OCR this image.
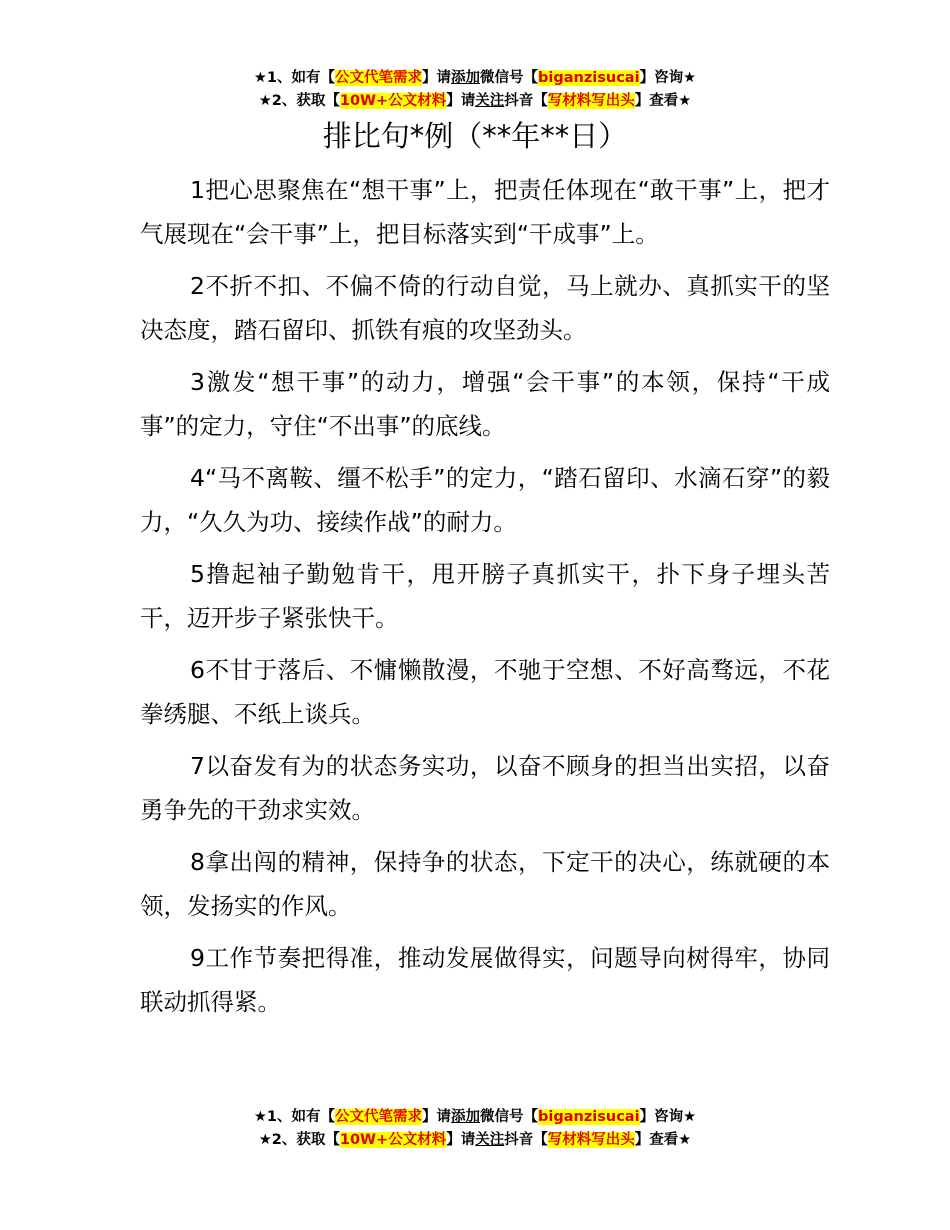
★1、如有【公文代笔需求】请添加微信号【biganzisucai】咨询★
★2、获取【10W+公文材料】请关注抖音【写材料写出头】查看★
排比句*例（**年**日）

1把心思聚焦在“想干事”上，把责任体现在“敢干事”上，把才气展现在“会干事”上，把目标落实到“干成事”上。

2不折不扣、不偏不倚的行动自觉，马上就办、真抓实干的坚决态度，踏石留印、抓铁有痕的攻坚劲头。

3激发“想干事”的动力，增强“会干事”的本领，保持“干成事”的定力，守住“不出事”的底线。

4“马不离鞍、缰不松手”的定力，“踏石留印、水滴石穿”的毅力，“久久为功、接续作战”的耐力。

5撸起袖子勤勉肯干，甩开膀子真抓实干，扑下身子埋头苦干，迈开步子紧张快干。

6不甘于落后、不慵懒散漫，不驰于空想、不好高骛远，不花拳绣腿、不纸上谈兵。

7以奋发有为的状态务实功，以奋不顾身的担当出实招，以奋勇争先的干劲求实效。

8拿出闯的精神，保持争的状态，下定干的决心，练就硬的本领，发扬实的作风。

9工作节奏把得准，推动发展做得实，问题导向树得牢，协同联动抓得紧。

★1、如有【公文代笔需求】请添加微信号【biganzisucai】咨询★
★2、获取【10W+公文材料】请关注抖音【写材料写出头】查看★
